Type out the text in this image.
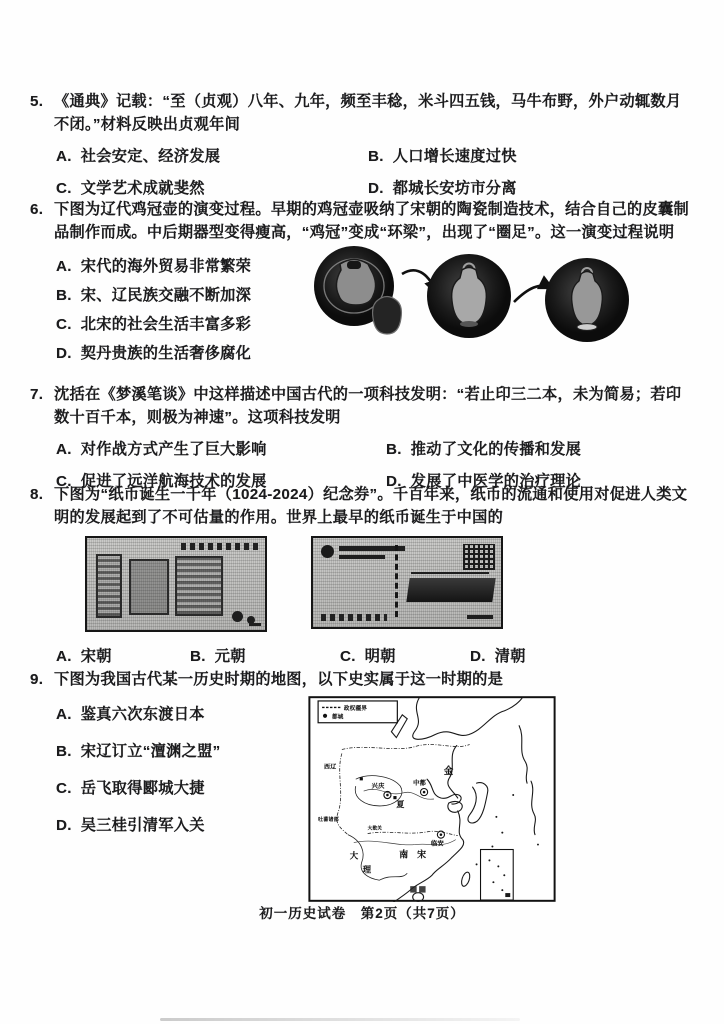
5. 《通典》记载：“至（贞观）八年、九年，频至丰稔，米斗四五钱，马牛布野，外户动辄数月不闭。”材料反映出贞观年间
A. 社会安定、经济发展	B. 人口增长速度过快
C. 文学艺术成就斐然	D. 都城长安坊市分离
6. 下图为辽代鸡冠壶的演变过程。早期的鸡冠壶吸纳了宋朝的陶瓷制造技术，结合自己的皮囊制品制作而成。中后期器型变得瘦高，“鸡冠”变成“环梁”，出现了“圈足”。这一演变过程说明
A. 宋代的海外贸易非常繁荣
B. 宋、辽民族交融不断加深
C. 北宋的社会生活丰富多彩
D. 契丹贵族的生活奢侈腐化
7. 沈括在《梦溪笔谈》中这样描述中国古代的一项科技发明：“若止印三二本，未为简易；若印数十百千本，则极为神速”。这项科技发明
A. 对作战方式产生了巨大影响	B. 推动了文化的传播和发展
C. 促进了远洋航海技术的发展	D. 发展了中医学的治疗理论
8. 下图为“纸币诞生一千年（1024-2024）纪念券”。千百年来，纸币的流通和使用对促进人类文明的发展起到了不可估量的作用。世界上最早的纸币诞生于中国的
A. 宋朝	B. 元朝	C. 明朝	D. 清朝
9. 下图为我国古代某一历史时期的地图，以下史实属于这一时期的是
A. 鉴真六次东渡日本
B. 宋辽订立“澶渊之盟”
C. 岳飞取得郾城大捷
D. 吴三桂引清军入关
金
中都
兴庆
夏
西辽
临安
南宋
大
理
吐蕃诸部
大散关
政权疆界
都城
初一历史试卷　第2页（共7页）
